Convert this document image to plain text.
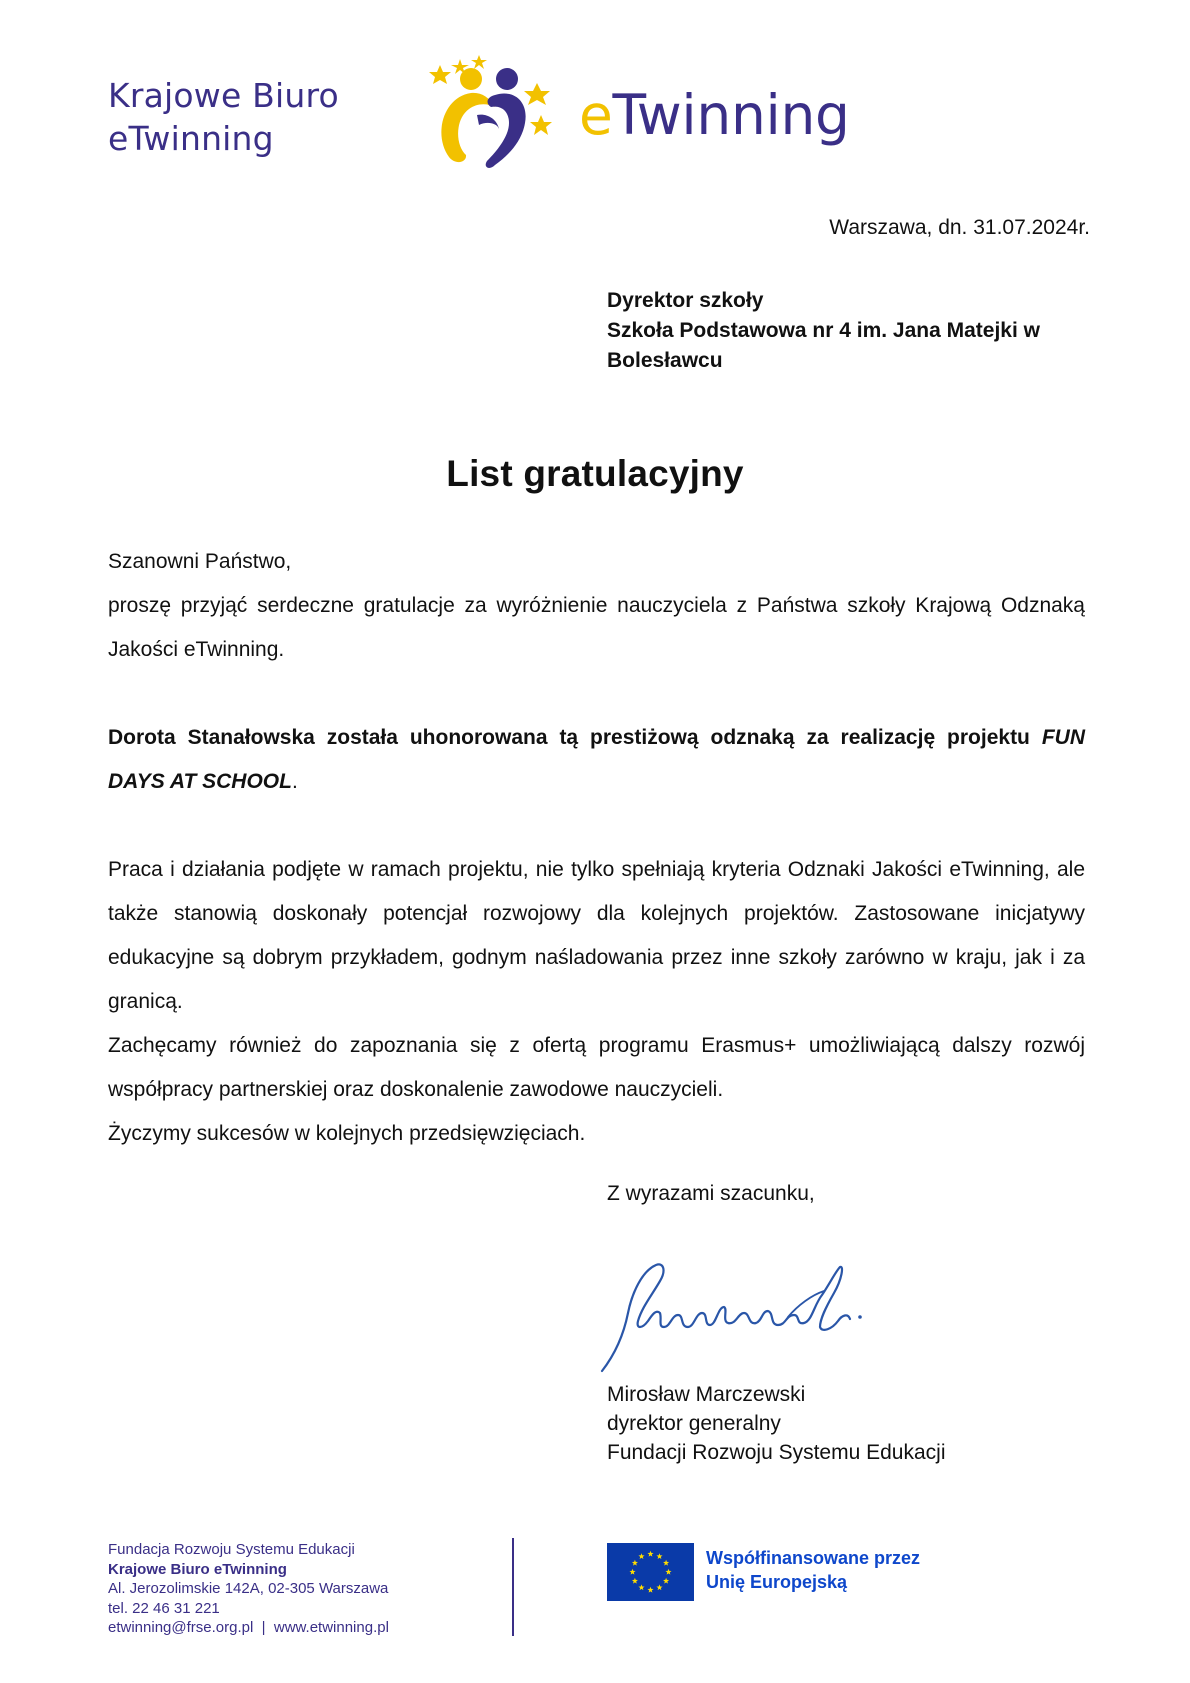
Krajowe Biuro
eTwinning	eTwinning
Warszawa, dn. 31.07.2024r.
Dyrektor szkoły
Szkoła Podstawowa nr 4 im. Jana Matejki w
Bolesławcu
List gratulacyjny

Szanowni Państwo,

proszę przyjąć serdeczne gratulacje za wyróżnienie nauczyciela z Państwa szkoły Krajową Odznaką Jakości eTwinning.

Dorota Stanałowska została uhonorowana tą prestiżową odznaką za realizację projektu FUN DAYS AT SCHOOL.

Praca i działania podjęte w ramach projektu, nie tylko spełniają kryteria Odznaki Jakości eTwinning, ale także stanowią doskonały potencjał rozwojowy dla kolejnych projektów. Zastosowane inicjatywy edukacyjne są dobrym przykładem, godnym naśladowania przez inne szkoły zarówno w kraju, jak i za granicą.

Zachęcamy również do zapoznania się z ofertą programu Erasmus+ umożliwiającą dalszy rozwój współpracy partnerskiej oraz doskonalenie zawodowe nauczycieli.

Życzymy sukcesów w kolejnych przedsięwzięciach.

Z wyrazami szacunku,
Mirosław Marczewski
dyrektor generalny
Fundacji Rozwoju Systemu Edukacji
Fundacja Rozwoju Systemu Edukacji
Krajowe Biuro eTwinning
Al. Jerozolimskie 142A, 02-305 Warszawa
tel. 22 46 31 221
etwinning@frse.org.pl  |  www.etwinning.pl
Współfinansowane przez
Unię Europejską
